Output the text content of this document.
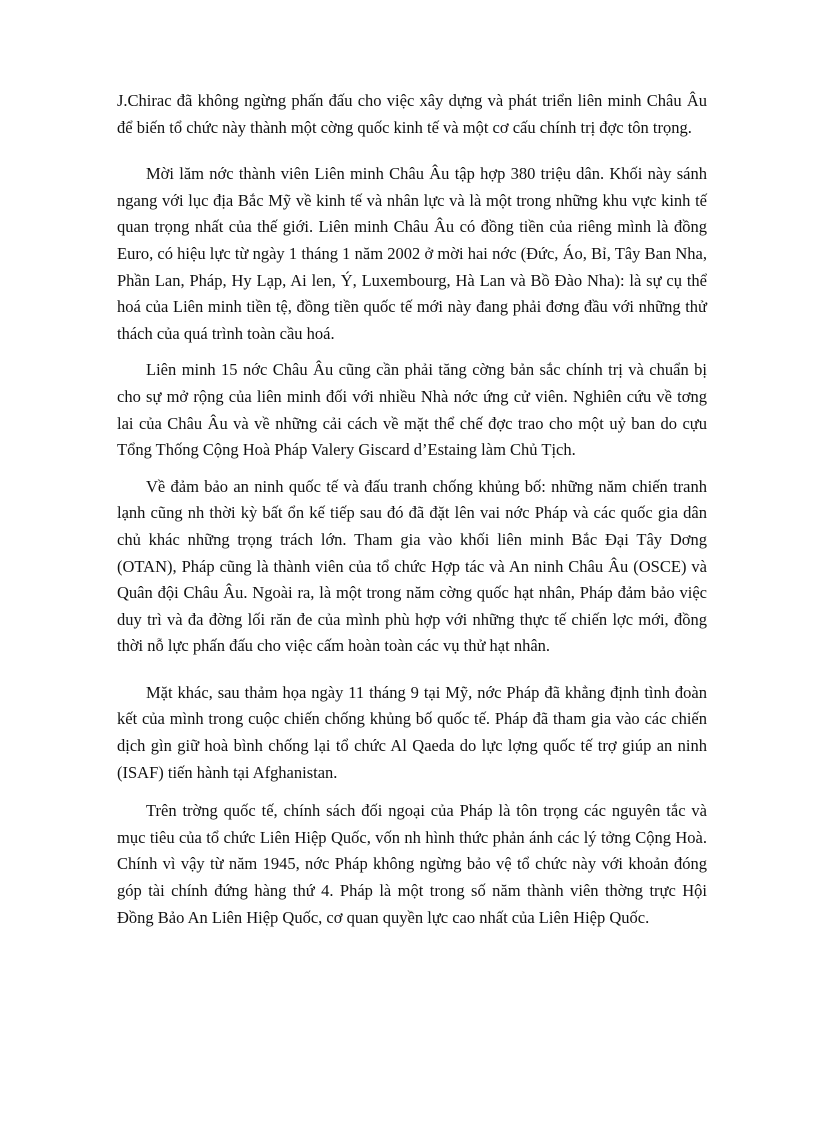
J.Chirac đã không ngừng phấn đấu cho việc xây dựng và phát triển liên minh Châu Âu để biến tổ chức này thành một cờng quốc kinh tế và một cơ cấu chính trị đợc tôn trọng.

Mời lăm nớc thành viên Liên minh Châu Âu tập hợp 380 triệu dân. Khối này sánh ngang với lục địa Bắc Mỹ về kinh tế và nhân lực và là một trong những khu vực kinh tế quan trọng nhất của thế giới. Liên minh Châu Âu có đồng tiền của riêng mình là đồng Euro, có hiệu lực từ ngày 1 tháng 1 năm 2002 ở mời hai nớc (Đức, Áo, Bỉ, Tây Ban Nha, Phần Lan, Pháp, Hy Lạp, Ai len, Ý, Luxembourg, Hà Lan và Bồ Đào Nha): là sự cụ thể hoá của Liên minh tiền tệ, đồng tiền quốc tế mới này đang phải đơng đầu với những thử thách của quá trình toàn cầu hoá.

Liên minh 15 nớc Châu Âu cũng cần phải tăng cờng bản sắc chính trị và chuẩn bị cho sự mở rộng của liên minh đối với nhiều Nhà nớc ứng cử viên. Nghiên cứu về tơng lai của Châu Âu và về những cải cách về mặt thể chế đợc trao cho một uỷ ban do cựu Tổng Thống Cộng Hoà Pháp Valery Giscard d’Estaing làm Chủ Tịch.

Về đảm bảo an ninh quốc tế và đấu tranh chống khủng bố: những năm chiến tranh lạnh cũng nh thời kỳ bất ổn kế tiếp sau đó đã đặt lên vai nớc Pháp và các quốc gia dân chủ khác những trọng trách lớn. Tham gia vào khối liên minh Bắc Đại Tây Dơng (OTAN), Pháp cũng là thành viên của tổ chức Hợp tác và An ninh Châu Âu (OSCE) và Quân đội Châu Âu. Ngoài ra, là một trong năm cờng quốc hạt nhân, Pháp đảm bảo việc duy trì và đa đờng lối răn đe của mình phù hợp với những thực tế chiến lợc mới, đồng thời nỗ lực phấn đấu cho việc cấm hoàn toàn các vụ thử hạt nhân.

Mặt khác, sau thảm họa ngày 11 tháng 9 tại Mỹ, nớc Pháp đã khẳng định tình đoàn kết của mình trong cuộc chiến chống khủng bố quốc tế. Pháp đã tham gia vào các chiến dịch gìn giữ hoà bình chống lại tổ chức Al Qaeda do lực lợng quốc tế trợ giúp an ninh (ISAF) tiến hành tại Afghanistan.

Trên trờng quốc tế, chính sách đối ngoại của Pháp là tôn trọng các nguyên tắc và mục tiêu của tổ chức Liên Hiệp Quốc, vốn nh hình thức phản ánh các lý tởng Cộng Hoà. Chính vì vậy từ năm 1945, nớc Pháp không ngừng bảo vệ tổ chức này với khoản đóng góp tài chính đứng hàng thứ 4. Pháp là một trong số năm thành viên thờng trực Hội Đồng Bảo An Liên Hiệp Quốc, cơ quan quyền lực cao nhất của Liên Hiệp Quốc.
